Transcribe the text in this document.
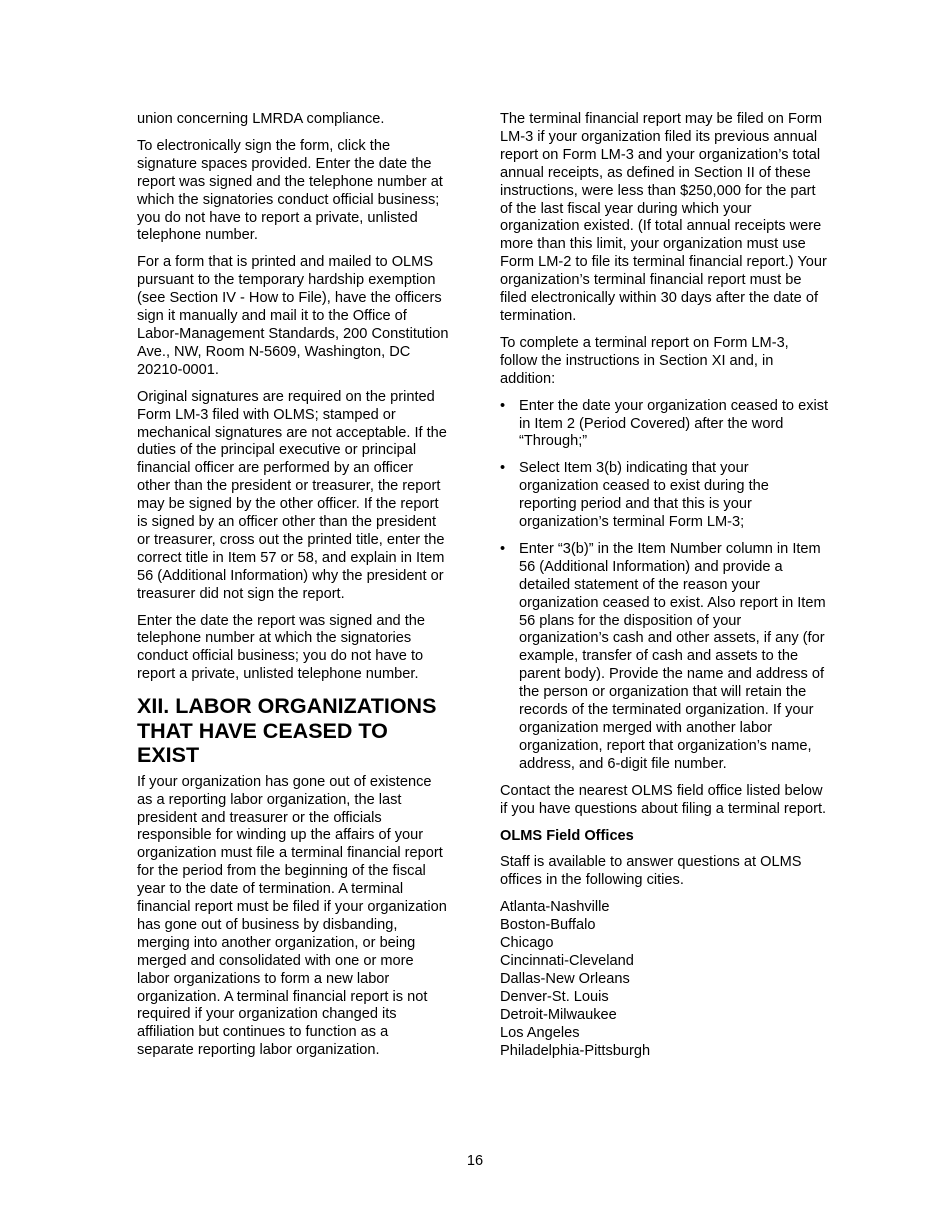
union concerning LMRDA compliance.

To electronically sign the form, click the signature spaces provided. Enter the date the report was signed and the telephone number at which the signatories conduct official business; you do not have to report a private, unlisted telephone number.

For a form that is printed and mailed to OLMS pursuant to the temporary hardship exemption (see Section IV - How to File), have the officers sign it manually and mail it to the Office of Labor-Management Standards, 200 Constitution Ave., NW, Room N-5609, Washington, DC 20210-0001.

Original signatures are required on the printed Form LM-3 filed with OLMS; stamped or mechanical signatures are not acceptable. If the duties of the principal executive or principal financial officer are performed by an officer other than the president or treasurer, the report may be signed by the other officer. If the report is signed by an officer other than the president or treasurer, cross out the printed title, enter the correct title in Item 57 or 58, and explain in Item 56 (Additional Information) why the president or treasurer did not sign the report.

Enter the date the report was signed and the telephone number at which the signatories conduct official business; you do not have to report a private, unlisted telephone number.

XII. LABOR ORGANIZATIONS THAT HAVE CEASED TO EXIST

If your organization has gone out of existence as a reporting labor organization, the last president and treasurer or the officials responsible for winding up the affairs of your organization must file a terminal financial report for the period from the beginning of the fiscal year to the date of termination. A terminal financial report must be filed if your organization has gone out of business by disbanding, merging into another organization, or being merged and consolidated with one or more labor organizations to form a new labor organization. A terminal financial report is not required if your organization changed its affiliation but continues to function as a separate reporting labor organization.

The terminal financial report may be filed on Form LM-3 if your organization filed its previous annual report on Form LM-3 and your organization’s total annual receipts, as defined in Section II of these instructions, were less than $250,000 for the part of the last fiscal year during which your organization existed. (If total annual receipts were more than this limit, your organization must use Form LM-2 to file its terminal financial report.) Your organization’s terminal financial report must be filed electronically within 30 days after the date of termination.

To complete a terminal report on Form LM-3, follow the instructions in Section XI and, in addition:

• Enter the date your organization ceased to exist in Item 2 (Period Covered) after the word “Through;”
• Select Item 3(b) indicating that your organization ceased to exist during the reporting period and that this is your organization’s terminal Form LM-3;
• Enter “3(b)” in the Item Number column in Item 56 (Additional Information) and provide a detailed statement of the reason your organization ceased to exist. Also report in Item 56 plans for the disposition of your organization’s cash and other assets, if any (for example, transfer of cash and assets to the parent body). Provide the name and address of the person or organization that will retain the records of the terminated organization. If your organization merged with another labor organization, report that organization’s name, address, and 6-digit file number.

Contact the nearest OLMS field office listed below if you have questions about filing a terminal report.

OLMS Field Offices

Staff is available to answer questions at OLMS offices in the following cities.

Atlanta-Nashville
Boston-Buffalo
Chicago
Cincinnati-Cleveland
Dallas-New Orleans
Denver-St. Louis
Detroit-Milwaukee
Los Angeles
Philadelphia-Pittsburgh
16
